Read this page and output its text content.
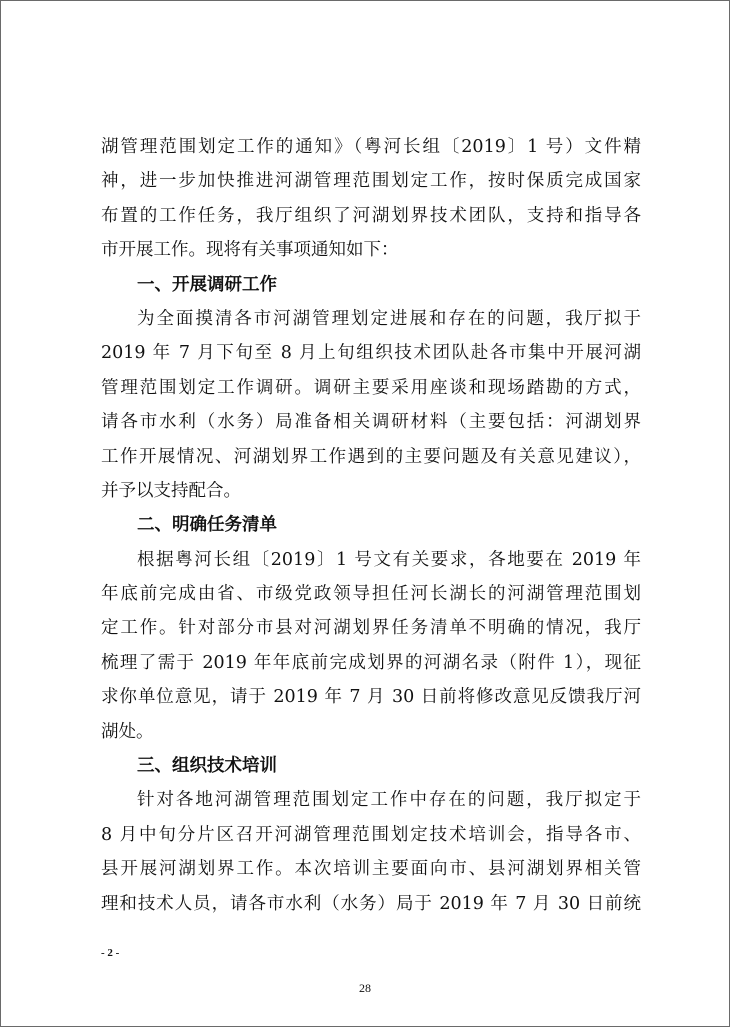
湖管理范围划定工作的通知》（粤河长组〔2019〕1 号）文件精
神，进一步加快推进河湖管理范围划定工作，按时保质完成国家
布置的工作任务，我厅组织了河湖划界技术团队，支持和指导各
市开展工作。现将有关事项通知如下：
一、开展调研工作
为全面摸清各市河湖管理划定进展和存在的问题，我厅拟于
2019 年 7 月下旬至 8 月上旬组织技术团队赴各市集中开展河湖
管理范围划定工作调研。调研主要采用座谈和现场踏勘的方式，
请各市水利（水务）局准备相关调研材料（主要包括：河湖划界
工作开展情况、河湖划界工作遇到的主要问题及有关意见建议），
并予以支持配合。
二、明确任务清单
根据粤河长组〔2019〕1 号文有关要求，各地要在 2019 年
年底前完成由省、市级党政领导担任河长湖长的河湖管理范围划
定工作。针对部分市县对河湖划界任务清单不明确的情况，我厅
梳理了需于 2019 年年底前完成划界的河湖名录（附件 1），现征
求你单位意见，请于 2019 年 7 月 30 日前将修改意见反馈我厅河
湖处。
三、组织技术培训
针对各地河湖管理范围划定工作中存在的问题，我厅拟定于
8 月中旬分片区召开河湖管理范围划定技术培训会，指导各市、
县开展河湖划界工作。本次培训主要面向市、县河湖划界相关管
理和技术人员，请各市水利（水务）局于 2019 年 7 月 30 日前统
- 2 -
28
